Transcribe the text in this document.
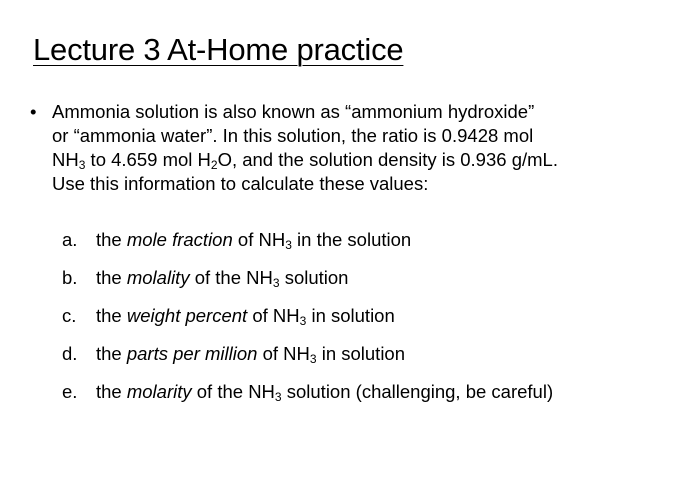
Lecture 3 At-Home practice
• Ammonia solution is also known as “ammonium hydroxide”
or “ammonia water”. In this solution, the ratio is 0.9428 mol
$NH_3$ to 4.659 mol $H_2O$, and the solution density is 0.936 g/mL.
Use this information to calculate these values:
a.	the mole fraction of $NH_3$ in the solution
b.	the molality of the $NH_3$ solution
c.	the weight percent of $NH_3$ in solution
d.	the parts per million of $NH_3$ in solution
e.	the molarity of the $NH_3$ solution (challenging, be careful)
